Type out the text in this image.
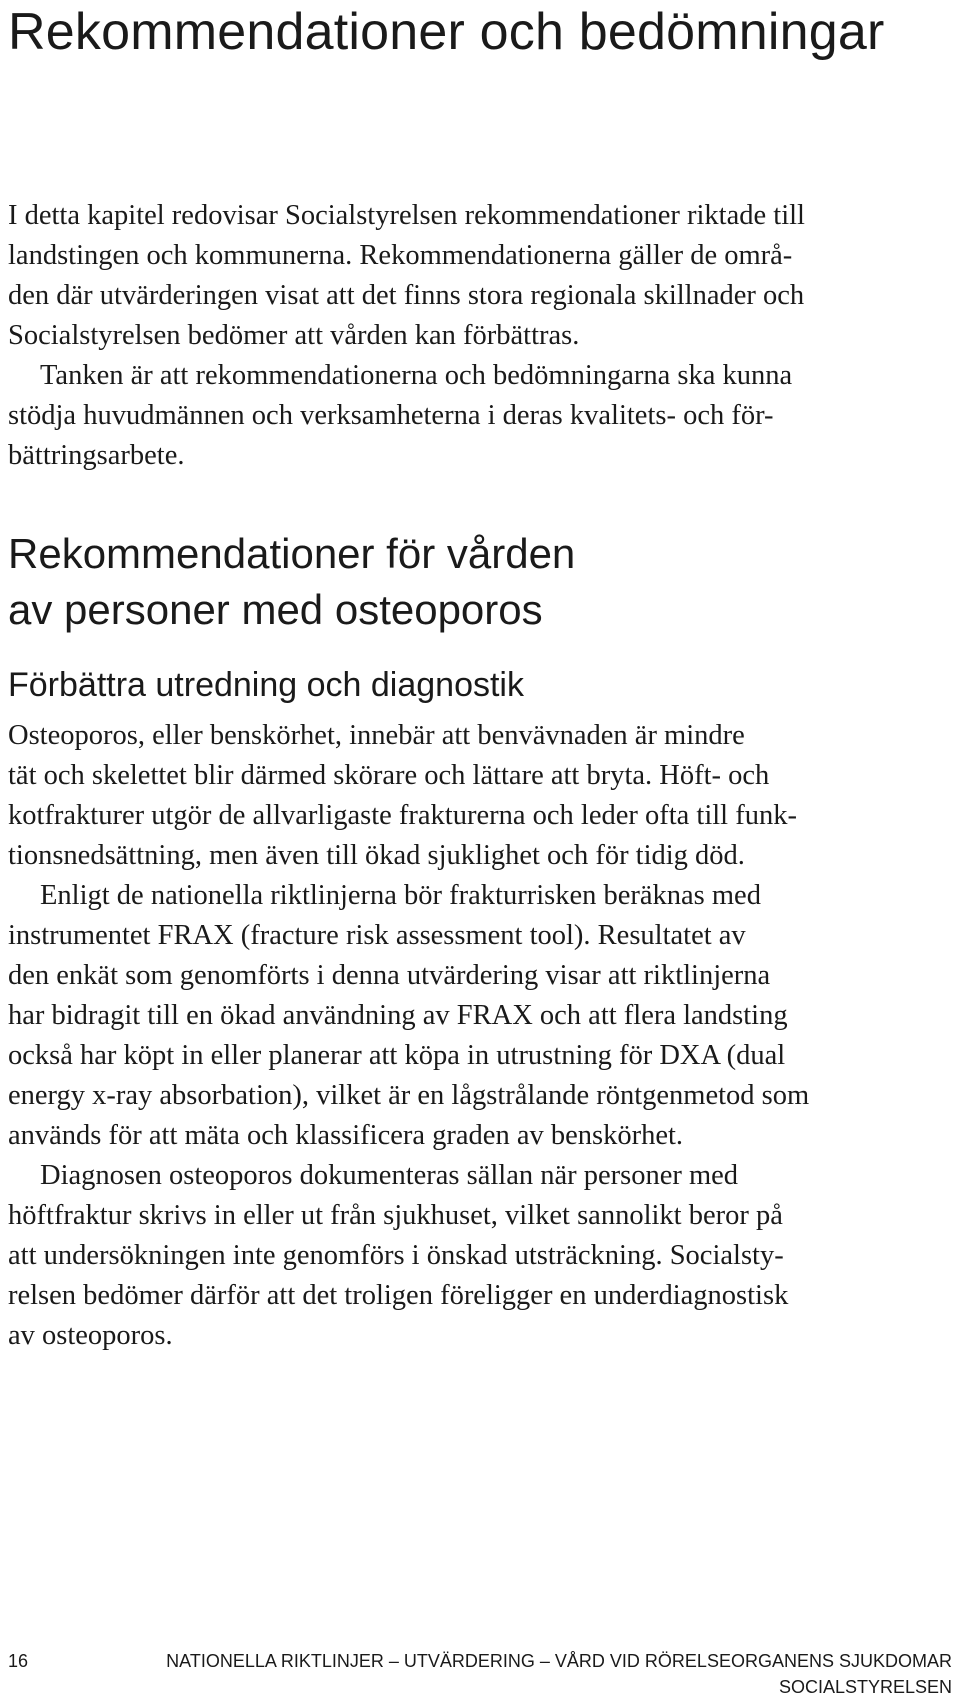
Rekommendationer och bedömningar
I detta kapitel redovisar Socialstyrelsen rekommendationer riktade till
landstingen och kommunerna. Rekommendationerna gäller de områ-
den där utvärderingen visat att det finns stora regionala skillnader och
Socialstyrelsen bedömer att vården kan förbättras.
Tanken är att rekommendationerna och bedömningarna ska kunna
stödja huvudmännen och verksamheterna i deras kvalitets- och för-
bättringsarbete.
Rekommendationer för vården
av personer med osteoporos
Förbättra utredning och diagnostik
Osteoporos, eller benskörhet, innebär att benvävnaden är mindre
tät och skelettet blir därmed skörare och lättare att bryta. Höft- och
kotfrakturer utgör de allvarligaste frakturerna och leder ofta till funk-
tionsnedsättning, men även till ökad sjuklighet och för tidig död.
Enligt de nationella riktlinjerna bör frakturrisken beräknas med
instrumentet FRAX (fracture risk assessment tool). Resultatet av
den enkät som genomförts i denna utvärdering visar att riktlinjerna
har bidragit till en ökad användning av FRAX och att flera landsting
också har köpt in eller planerar att köpa in utrustning för DXA (dual
energy x-ray absorbation), vilket är en lågstrålande röntgenmetod som
används för att mäta och klassificera graden av benskörhet.
Diagnosen osteoporos dokumenteras sällan när personer med
höftfraktur skrivs in eller ut från sjukhuset, vilket sannolikt beror på
att undersökningen inte genomförs i önskad utsträckning. Socialsty-
relsen bedömer därför att det troligen föreligger en underdiagnostisk
av osteoporos.
16	NATIONELLA RIKTLINJER – UTVÄRDERING – VÅRD VID RÖRELSEORGANENS SJUKDOMAR
SOCIALSTYRELSEN
